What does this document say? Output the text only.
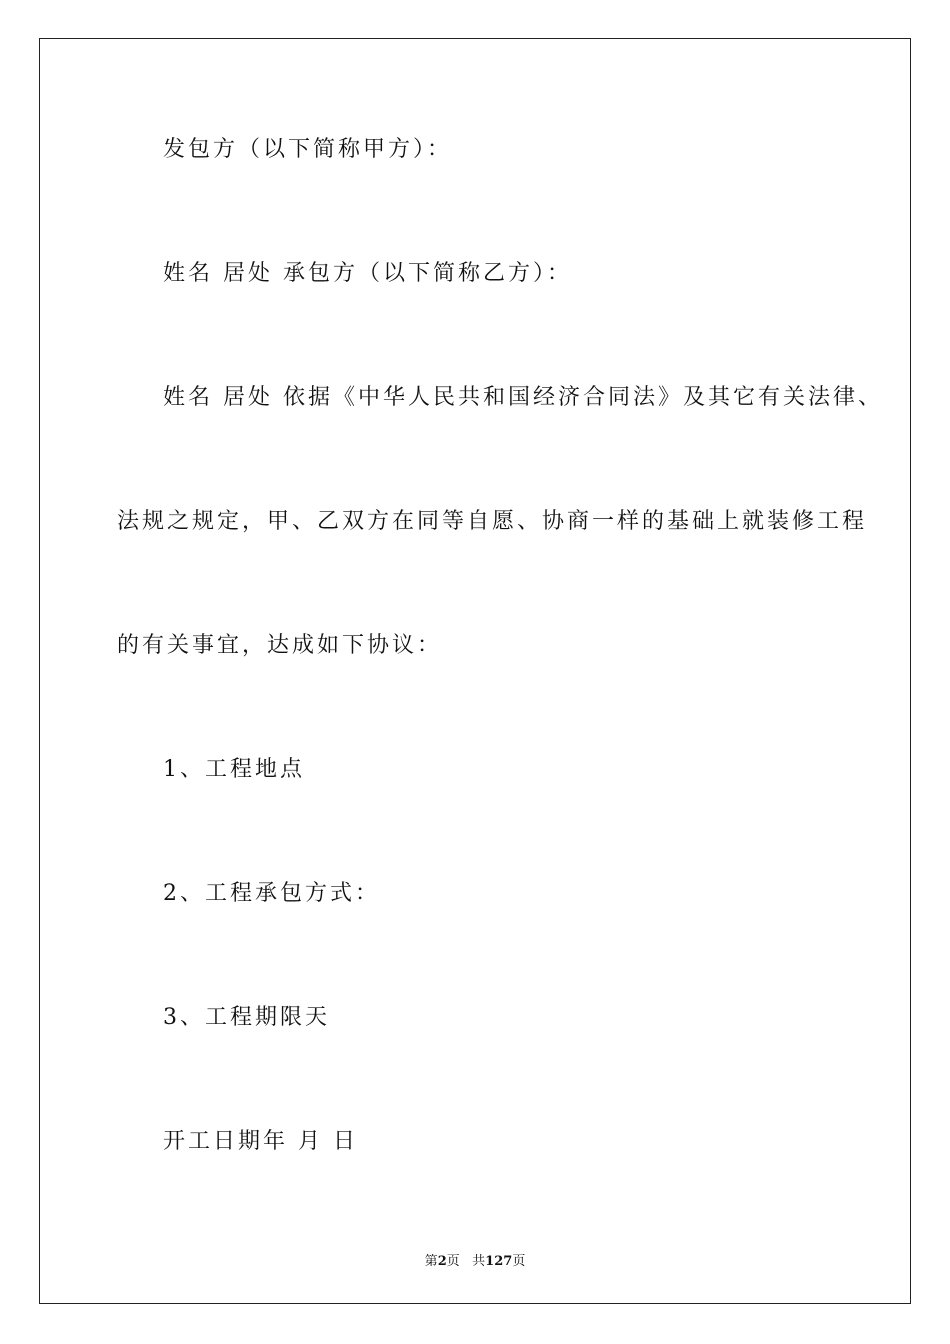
发包方（以下简称甲方）：

姓名 居处 承包方（以下简称乙方）：

姓名 居处 依据《中华人民共和国经济合同法》及其它有关法律、

法规之规定，甲、乙双方在同等自愿、协商一样的基础上就装修工程

的有关事宜，达成如下协议：

1、工程地点

2、工程承包方式：

3、工程期限天

开工日期年 月 日

第2页 共127页
